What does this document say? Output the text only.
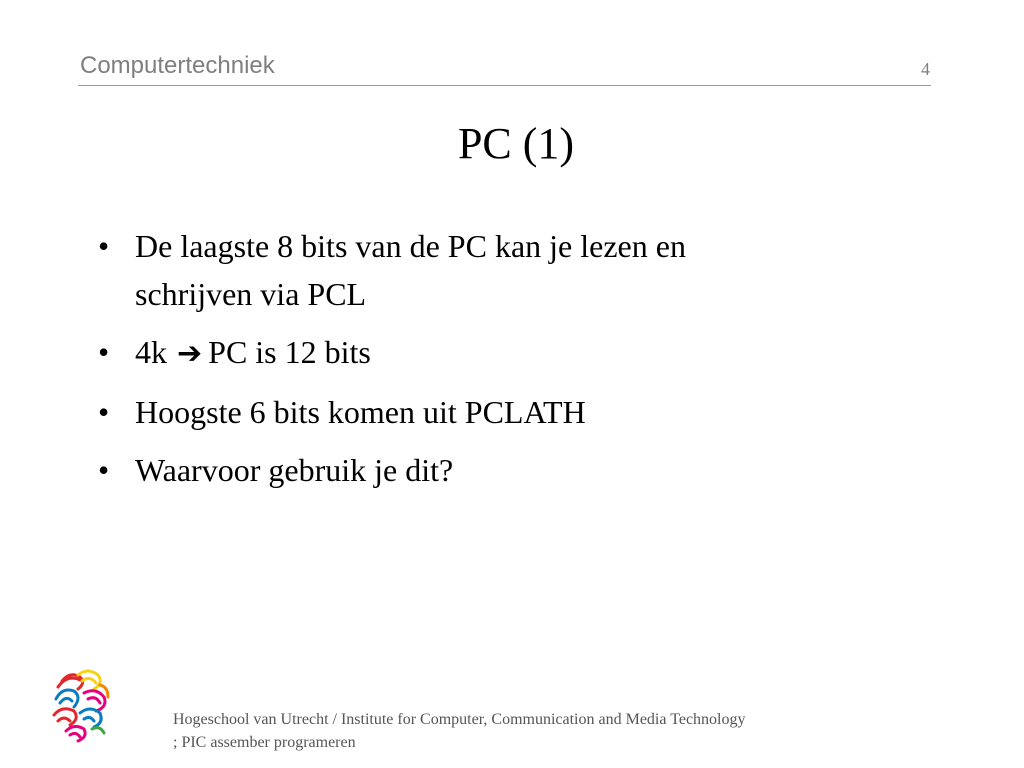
Computertechniek	4
PC (1)
• De laagste 8 bits van de PC kan je lezen en
schrijven via PCL
• 4k ➔ PC is 12 bits
• Hoogste 6 bits komen uit PCLATH
• Waarvoor gebruik je dit?
Hogeschool van Utrecht / Institute for Computer, Communication and Media Technology
; PIC assember programeren
